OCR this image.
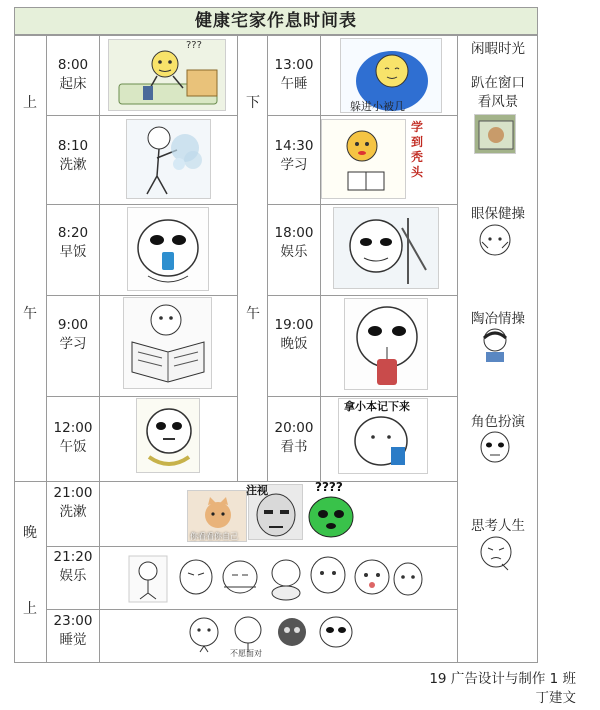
健康宅家作息时间表
上
午
下
午
晚
上
8:00
起床
8:10
洗漱
8:20
早饭
9:00
学习
12:00
午饭
13:00
午睡
14:30
学习
18:00
娱乐
19:00
晚饭
20:00
看书
21:00
洗漱
21:20
娱乐
23:00
睡觉
???
躲进小被几
学到秃头
拿小本记下来
你看看你自己
注视	????
不愿面对
闲暇时光
趴在窗口看风景
眼保健操
陶冶情操
角色扮演
思考人生
19 广告设计与制作 1 班
丁建文
